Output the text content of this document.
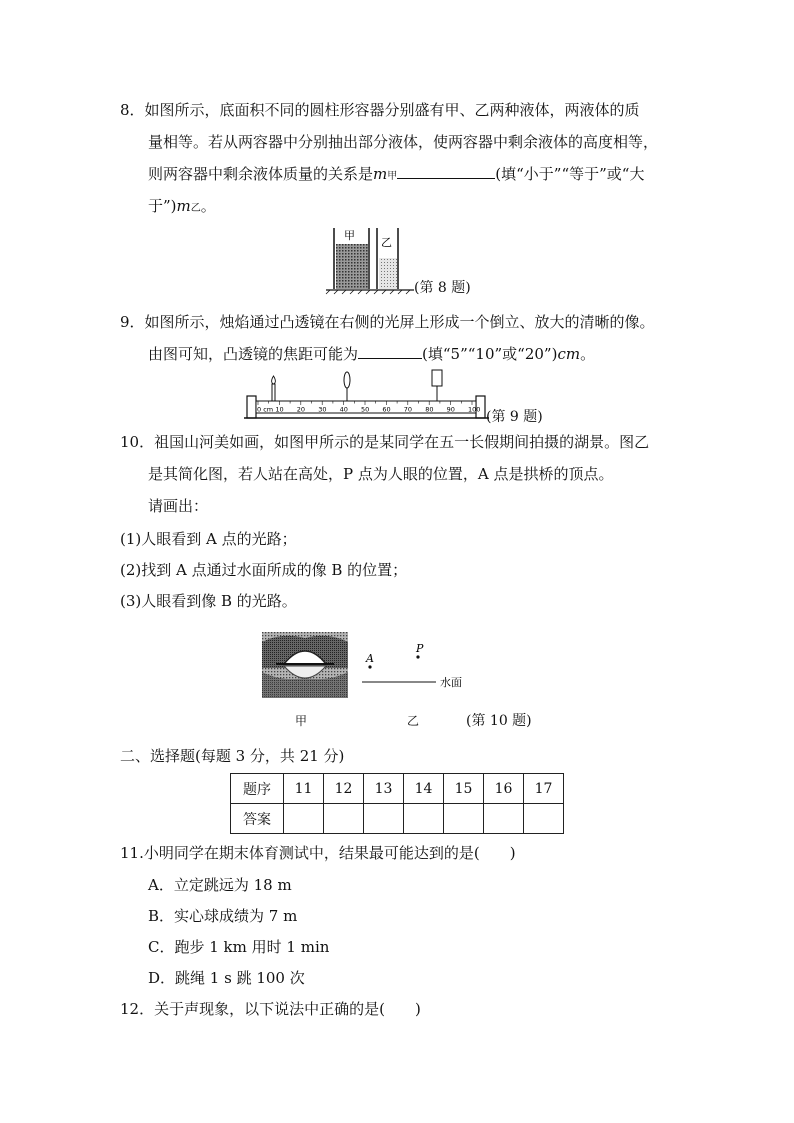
8．如图所示，底面积不同的圆柱形容器分别盛有甲、乙两种液体，两液体的质
量相等。若从两容器中分别抽出部分液体，使两容器中剩余液体的高度相等，
则两容器中剩余液体质量的关系是m甲	(填“小于”“等于”或“大
于”)m乙。
甲
乙
(第 8 题)
9．如图所示，烛焰通过凸透镜在右侧的光屏上形成一个倒立、放大的清晰的像。
由图可知，凸透镜的焦距可能为	(填“5”“10”或“20”)cm。
0 cm 10 20 30 40 50 60 70 80 90 100 (第 9 题)
10．祖国山河美如画，如图甲所示的是某同学在五一长假期间拍摄的湖景。图乙
是其简化图，若人站在高处，P 点为人眼的位置，A 点是拱桥的顶点。
请画出：
(1)人眼看到 A 点的光路；
(2)找到 A 点通过水面所成的像 B 的位置；
(3)人眼看到像 B 的光路。
A
P
水面
甲	乙	(第 10 题)
二、选择题(每题 3 分，共 21 分)
题序	11	12	13	14	15	16	17
答案							
11.小明同学在期末体育测试中，结果最可能达到的是(　　)
A．立定跳远为 18 m
B．实心球成绩为 7 m
C．跑步 1 km 用时 1 min
D．跳绳 1 s 跳 100 次
12．关于声现象，以下说法中正确的是(　　)
